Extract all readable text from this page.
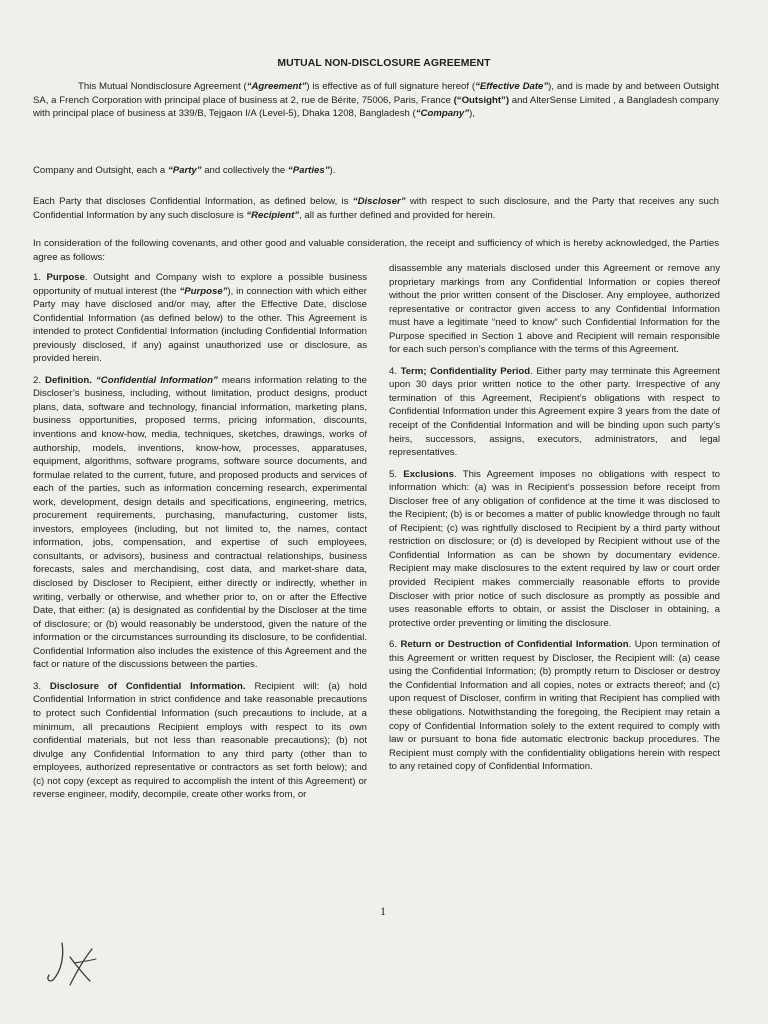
MUTUAL NON-DISCLOSURE AGREEMENT

This Mutual Nondisclosure Agreement (“Agreement”) is effective as of full signature hereof (“Effective Date”), and is made by and between Outsight SA, a French Corporation with principal place of business at 2, rue de Bérite, 75006, Paris, France (“Outsight”) and AlterSense Limited , a Bangladesh company with principal place of business at 339/B, Tejgaon I/A (Level-5), Dhaka 1208, Bangladesh (“Company”),

Company and Outsight, each a “Party” and collectively the “Parties”).

Each Party that discloses Confidential Information, as defined below, is “Discloser” with respect to such disclosure, and the Party that receives any such Confidential Information by any such disclosure is “Recipient”, all as further defined and provided for herein.

In consideration of the following covenants, and other good and valuable consideration, the receipt and sufficiency of which is hereby acknowledged, the Parties agree as follows:

1. Purpose. Outsight and Company wish to explore a possible business opportunity of mutual interest (the “Purpose”), in connection with which either Party may have disclosed and/or may, after the Effective Date, disclose Confidential Information (as defined below) to the other. This Agreement is intended to protect Confidential Information (including Confidential Information previously disclosed, if any) against unauthorized use or disclosure, as provided herein.

2. Definition. “Confidential Information” means information relating to the Discloser’s business, including, without limitation, product designs, product plans, data, software and technology, financial information, marketing plans, business opportunities, proposed terms, pricing information, discounts, inventions and know-how, media, techniques, sketches, drawings, works of authorship, models, inventions, know-how, processes, apparatuses, equipment, algorithms, software programs, software source documents, and formulae related to the current, future, and proposed products and services of each of the parties, such as information concerning research, experimental work, development, design details and specifications, engineering, metrics, procurement requirements, purchasing, manufacturing, customer lists, investors, employees (including, but not limited to, the names, contact information, jobs, compensation, and expertise of such employees, consultants, or advisors), business and contractual relationships, business forecasts, sales and merchandising, cost data, and market-share data, disclosed by Discloser to Recipient, either directly or indirectly, whether in writing, verbally or otherwise, and whether prior to, on or after the Effective Date, that either: (a) is designated as confidential by the Discloser at the time of disclosure; or (b) would reasonably be understood, given the nature of the information or the circumstances surrounding its disclosure, to be confidential. Confidential Information also includes the existence of this Agreement and the fact or nature of the discussions between the parties.

3. Disclosure of Confidential Information. Recipient will: (a) hold Confidential Information in strict confidence and take reasonable precautions to protect such Confidential Information (such precautions to include, at a minimum, all precautions Recipient employs with respect to its own confidential materials, but not less than reasonable precautions); (b) not divulge any Confidential Information to any third party (other than to employees, authorized representative or contractors as set forth below); and (c) not copy (except as required to accomplish the intent of this Agreement) or reverse engineer, modify, decompile, create other works from, or

disassemble any materials disclosed under this Agreement or remove any proprietary markings from any Confidential Information or copies thereof without the prior written consent of the Discloser. Any employee, authorized representative or contractor given access to any Confidential Information must have a legitimate “need to know” such Confidential Information for the Purpose specified in Section 1 above and Recipient will remain responsible for each such person’s compliance with the terms of this Agreement.

4. Term; Confidentiality Period. Either party may terminate this Agreement upon 30 days prior written notice to the other party. Irrespective of any termination of this Agreement, Recipient’s obligations with respect to Confidential Information under this Agreement expire 3 years from the date of receipt of the Confidential Information and will be binding upon such party’s heirs, successors, assigns, executors, administrators, and legal representatives.

5. Exclusions. This Agreement imposes no obligations with respect to information which: (a) was in Recipient’s possession before receipt from Discloser free of any obligation of confidence at the time it was disclosed to the Recipient; (b) is or becomes a matter of public knowledge through no fault of Recipient; (c) was rightfully disclosed to Recipient by a third party without restriction on disclosure; or (d) is developed by Recipient without use of the Confidential Information as can be shown by documentary evidence. Recipient may make disclosures to the extent required by law or court order provided Recipient makes commercially reasonable efforts to provide Discloser with prior notice of such disclosure as promptly as possible and uses reasonable efforts to obtain, or assist the Discloser in obtaining, a protective order preventing or limiting the disclosure.

6. Return or Destruction of Confidential Information. Upon termination of this Agreement or written request by Discloser, the Recipient will: (a) cease using the Confidential Information; (b) promptly return to Discloser or destroy the Confidential Information and all copies, notes or extracts thereof; and (c) upon request of Discloser, confirm in writing that Recipient has complied with these obligations. Notwithstanding the foregoing, the Recipient may retain a copy of Confidential Information solely to the extent required to comply with law or pursuant to bona fide automatic electronic backup procedures. The Recipient must comply with the confidentiality obligations herein with respect to any retained copy of Confidential Information.

1
